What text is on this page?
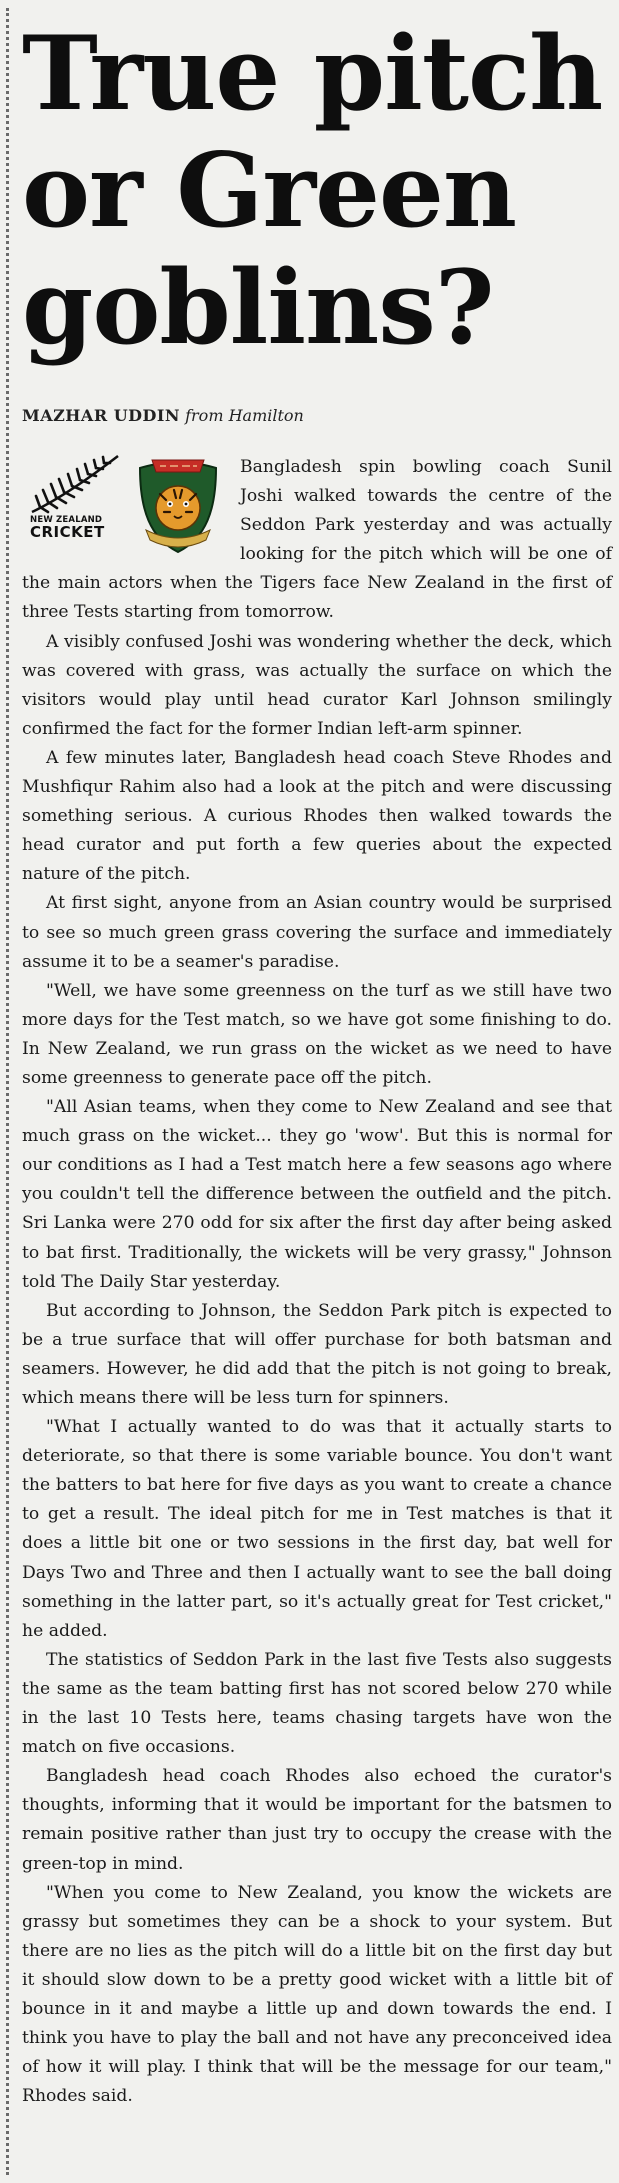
True pitch
or Green
goblins?
MAZHAR UDDIN from Hamilton
NEW ZEALAND
CRICKET

Bangladesh spin bowling coach Sunil Joshi walked towards the centre of the Seddon Park yesterday and was actually looking for the pitch which will be one of the main actors when the Tigers face New Zealand in the first of three Tests starting from tomorrow.

A visibly confused Joshi was wondering whether the deck, which was covered with grass, was actually the surface on which the visitors would play until head curator Karl Johnson smilingly confirmed the fact for the former Indian left-arm spinner.

A few minutes later, Bangladesh head coach Steve Rhodes and Mushfiqur Rahim also had a look at the pitch and were discussing something serious. A curious Rhodes then walked towards the head curator and put forth a few queries about the expected nature of the pitch.

At first sight, anyone from an Asian country would be surprised to see so much green grass covering the surface and immediately assume it to be a seamer's paradise.

"Well, we have some greenness on the turf as we still have two more days for the Test match, so we have got some finishing to do. In New Zealand, we run grass on the wicket as we need to have some greenness to generate pace off the pitch.

"All Asian teams, when they come to New Zealand and see that much grass on the wicket... they go 'wow'. But this is normal for our conditions as I had a Test match here a few seasons ago where you couldn't tell the difference between the outfield and the pitch. Sri Lanka were 270 odd for six after the first day after being asked to bat first. Traditionally, the wickets will be very grassy," Johnson told The Daily Star yesterday.

But according to Johnson, the Seddon Park pitch is expected to be a true surface that will offer purchase for both batsman and seamers. However, he did add that the pitch is not going to break, which means there will be less turn for spinners.

"What I actually wanted to do was that it actually starts to deteriorate, so that there is some variable bounce. You don't want the batters to bat here for five days as you want to create a chance to get a result. The ideal pitch for me in Test matches is that it does a little bit one or two sessions in the first day, bat well for Days Two and Three and then I actually want to see the ball doing something in the latter part, so it's actually great for Test cricket," he added.

The statistics of Seddon Park in the last five Tests also suggests the same as the team batting first has not scored below 270 while in the last 10 Tests here, teams chasing targets have won the match on five occasions.

Bangladesh head coach Rhodes also echoed the curator's thoughts, informing that it would be important for the batsmen to remain positive rather than just try to occupy the crease with the green-top in mind.

"When you come to New Zealand, you know the wickets are grassy but sometimes they can be a shock to your system. But there are no lies as the pitch will do a little bit on the first day but it should slow down to be a pretty good wicket with a little bit of bounce in it and maybe a little up and down towards the end. I think you have to play the ball and not have any preconceived idea of how it will play. I think that will be the message for our team," Rhodes said.
